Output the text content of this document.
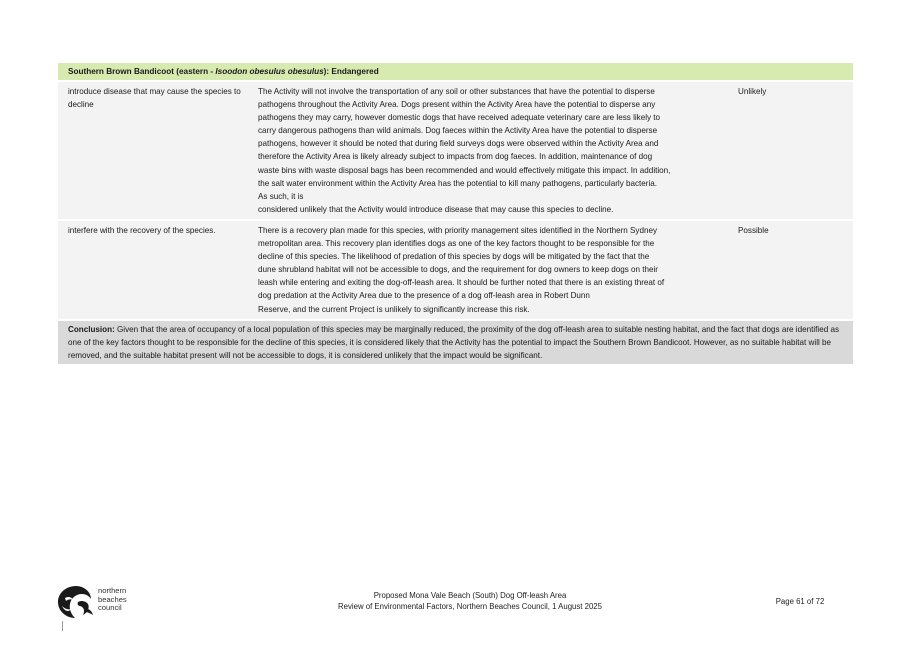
Southern Brown Bandicoot (eastern - Isoodon obesulus obesulus): Endangered
introduce disease that may cause the species to decline
The Activity will not involve the transportation of any soil or other substances that have the potential to disperse
pathogens throughout the Activity Area. Dogs present within the Activity Area have the potential to disperse any
pathogens they may carry, however domestic dogs that have received adequate veterinary care are less likely to
carry dangerous pathogens than wild animals. Dog faeces within the Activity Area have the potential to disperse
pathogens, however it should be noted that during field surveys dogs were observed within the Activity Area and
therefore the Activity Area is likely already subject to impacts from dog faeces. In addition, maintenance of dog
waste bins with waste disposal bags has been recommended and would effectively mitigate this impact. In addition,
the salt water environment within the Activity Area has the potential to kill many pathogens, particularly bacteria.
As such, it is
considered unlikely that the Activity would introduce disease that may cause this species to decline.
Unlikely
interfere with the recovery of the species.	There is a recovery plan made for this species, with priority management sites identified in the Northern Sydney
metropolitan area. This recovery plan identifies dogs as one of the key factors thought to be responsible for the
decline of this species. The likelihood of predation of this species by dogs will be mitigated by the fact that the
dune shrubland habitat will not be accessible to dogs, and the requirement for dog owners to keep dogs on their
leash while entering and exiting the dog-off-leash area. It should be further noted that there is an existing threat of
dog predation at the Activity Area due to the presence of a dog off-leash area in Robert Dunn
Reserve, and the current Project is unlikely to significantly increase this risk.
Possible
Conclusion: Given that the area of occupancy of a local population of this species may be marginally reduced, the proximity of the dog off-leash area to suitable nesting habitat, and the fact that dogs are identified as one of the key factors thought to be responsible for the decline of this species, it is considered likely that the Activity has the potential to impact the Southern Brown Bandicoot. However, as no suitable habitat will be removed, and the suitable habitat present will not be accessible to dogs, it is considered unlikely that the impact would be significant.
northern
beaches
council
Proposed Mona Vale Beach (South) Dog Off-leash Area
Review of Environmental Factors, Northern Beaches Council, 1 August 2025
Page 61 of 72
